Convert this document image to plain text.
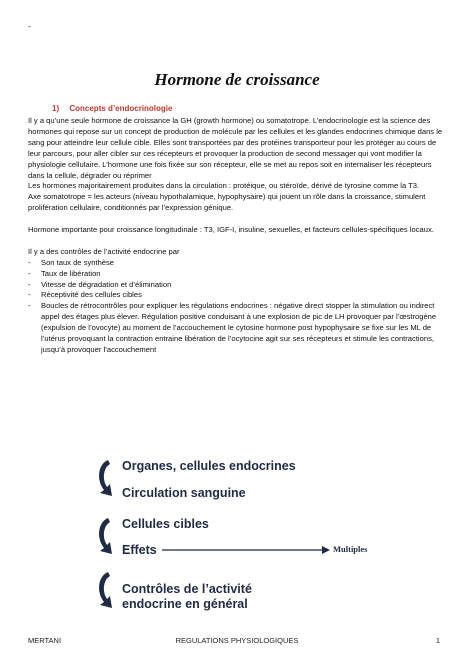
-
Hormone de croissance
1) Concepts d’endocrinologie

Il y a qu’une seule hormone de croissance la GH (growth hormone) ou somatotrope. L’endocrinologie est la science des hormones qui repose sur un concept de production de molécule par les cellules et les glandes endocrines chimique dans le sang pour atteindre leur cellule cible. Elles sont transportées par des protéines transporteur pour les protéger au cours de leur parcours, pour aller cibler sur ces récepteurs et provoquer la production de second messager qui vont modifier la physiologie cellulaire. L’hormone une fois fixée sur son récepteur, elle se met au repos soit en internaliser les récepteurs dans la cellule, dégrader ou réprimer

Les hormones majoritairement produites dans la circulation : protéique, ou stéroïde, dérivé de tyrosine comme la T3.

Axe somatotrope = les acteurs (niveau hypothalamique, hypophysaire) qui jouent un rôle dans la croissance, stimulent prolifération cellulaire, conditionnés par l’expression génique.

Hormone importante pour croissance longitudinale : T3, IGF-I, insuline, sexuelles, et facteurs cellules-spécifiques locaux.

Il y a des contrôles de l’activité endocrine par

- Son taux de synthèse
- Taux de libération
- Vitesse de dégradation et d’élimination
- Réceptivité des cellules cibles
- Boucles de rétrocontrôles pour expliquer les régulations endocrines : négative direct stopper la stimulation ou indirect appel des étages plus élever. Régulation positive conduisant à une explosion de pic de LH provoquer par l’œstrogène (expulsion de l’ovocyte) au moment de l’accouchement le cytosine hormone post hypophysaire se fixe sur les ML de l’utérus provoquant la contraction entraine libération de l’ocytocine agit sur ses récepteurs et stimule les contractions, jusqu’à provoquer l’accouchement
Organes, cellules endocrines
Circulation sanguine
Cellules cibles
Effets	Multiples
Contrôles de l’activité
endocrine en général
MERTANI	REGULATIONS PHYSIOLOGIQUES	1
